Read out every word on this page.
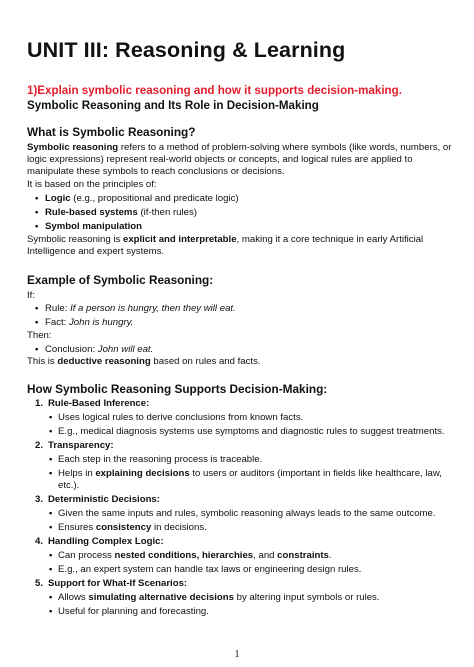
UNIT III: Reasoning & Learning
1)Explain symbolic reasoning and how it supports decision-making.
Symbolic Reasoning and Its Role in Decision-Making
What is Symbolic Reasoning?
Symbolic reasoning refers to a method of problem-solving where symbols (like words, numbers, or
logic expressions) represent real-world objects or concepts, and logical rules are applied to
manipulate these symbols to reach conclusions or decisions.
It is based on the principles of:
• Logic (e.g., propositional and predicate logic)
• Rule-based systems (if-then rules)
• Symbol manipulation
Symbolic reasoning is explicit and interpretable, making it a core technique in early Artificial
Intelligence and expert systems.
Example of Symbolic Reasoning:
If:
• Rule: If a person is hungry, then they will eat.
• Fact: John is hungry.
Then:
• Conclusion: John will eat.
This is deductive reasoning based on rules and facts.
How Symbolic Reasoning Supports Decision-Making:
1. Rule-Based Inference:
• Uses logical rules to derive conclusions from known facts.
• E.g., medical diagnosis systems use symptoms and diagnostic rules to suggest treatments.
2. Transparency:
• Each step in the reasoning process is traceable.
• Helps in explaining decisions to users or auditors (important in fields like healthcare, law,
etc.).
3. Deterministic Decisions:
• Given the same inputs and rules, symbolic reasoning always leads to the same outcome.
• Ensures consistency in decisions.
4. Handling Complex Logic:
• Can process nested conditions, hierarchies, and constraints.
• E.g., an expert system can handle tax laws or engineering design rules.
5. Support for What-If Scenarios:
• Allows simulating alternative decisions by altering input symbols or rules.
• Useful for planning and forecasting.
1
